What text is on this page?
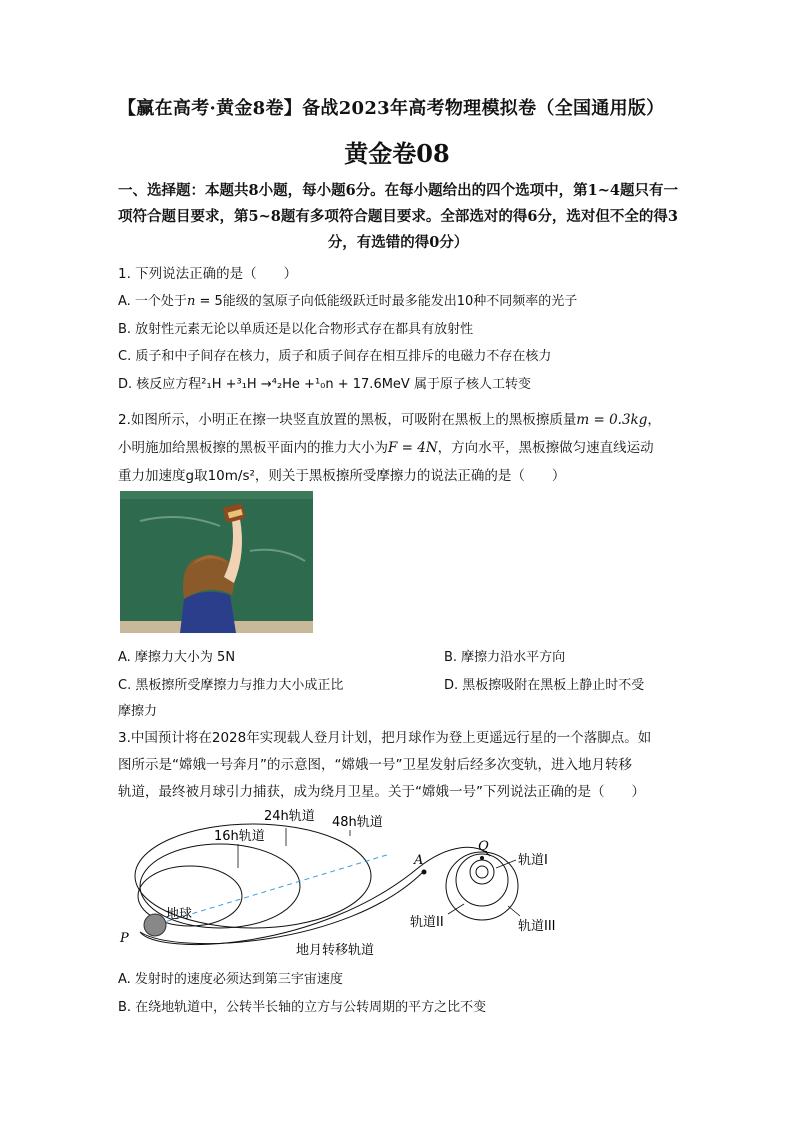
【赢在高考·黄金8卷】备战2023年高考物理模拟卷（全国通用版）
黄金卷08
一、选择题：本题共8小题，每小题6分。在每小题给出的四个选项中，第1~4题只有一
项符合题目要求，第5~8题有多项符合题目要求。全部选对的得6分，选对但不全的得3
分，有选错的得0分）
1. 下列说法正确的是（　　）
A. 一个处于n = 5能级的氢原子向低能级跃迁时最多能发出10种不同频率的光子
B. 放射性元素无论以单质还是以化合物形式存在都具有放射性
C. 质子和中子间存在核力，质子和质子间存在相互排斥的电磁力不存在核力
D. 核反应方程²₁H +³₁H →⁴₂He +¹₀n + 17.6MeV 属于原子核人工转变
2.如图所示，小明正在擦一块竖直放置的黑板，可吸附在黑板上的黑板擦质量m = 0.3kg，
小明施加给黑板擦的黑板平面内的推力大小为F = 4N，方向水平，黑板擦做匀速直线运动
重力加速度g取10m/s²，则关于黑板擦所受摩擦力的说法正确的是（　　）
A. 摩擦力大小为 5N	B. 摩擦力沿水平方向
C. 黑板擦所受摩擦力与推力大小成正比	D. 黑板擦吸附在黑板上静止时不受
摩擦力
3.中国预计将在2028年实现载人登月计划，把月球作为登上更遥远行星的一个落脚点。如
图所示是“嫦娥一号奔月”的示意图，“嫦娥一号”卫星发射后经多次变轨，进入地月转移
轨道，最终被月球引力捕获，成为绕月卫星。关于“嫦娥一号”下列说法正确的是（　　）
16h轨道
24h轨道 48h轨道
地球
P
A
Q
轨道I
轨道II	轨道III
地月转移轨道
A. 发射时的速度必须达到第三宇宙速度
B. 在绕地轨道中，公转半长轴的立方与公转周期的平方之比不变
